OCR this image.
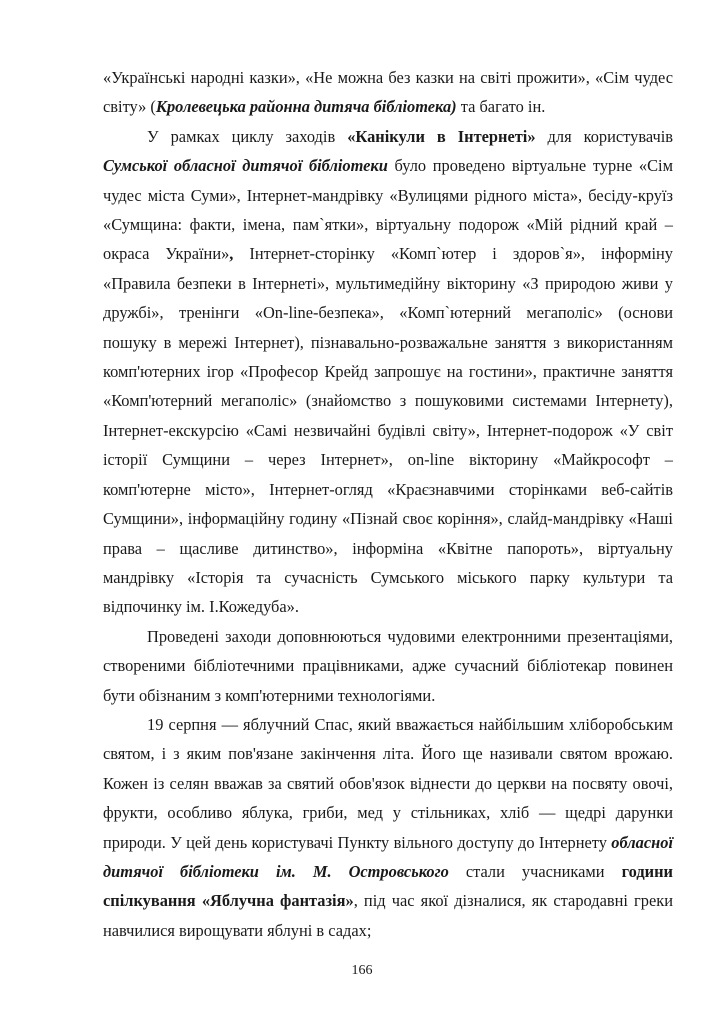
«Українські народні казки», «Не можна без казки на світі прожити», «Сім чудес світу» (Кролевецька районна дитяча бібліотека) та багато ін.

У рамках циклу заходів «Канікули в Інтернеті» для користувачів Сумської обласної дитячої бібліотеки було проведено віртуальне турне «Сім чудес міста Суми», Інтернет-мандрівку «Вулицями рідного міста», бесіду-круїз «Сумщина: факти, імена, пам`ятки», віртуальну подорож «Мій рідний край – окраса України», Інтернет-сторінку «Комп`ютер і здоров`я», інформіну «Правила безпеки в Інтернеті», мультимедійну вікторину «З природою живи у дружбі», тренінги «On-line-безпека», «Комп`ютерний мегаполіс» (основи пошуку в мережі Інтернет), пізнавально-розважальне заняття з використанням комп'ютерних ігор «Професор Крейд запрошує на гостини», практичне заняття «Комп'ютерний мегаполіс» (знайомство з пошуковими системами Інтернету), Інтернет-екскурсію «Самі незвичайні будівлі світу», Інтернет-подорож «У світ історії Сумщини – через Інтернет», on-line вікторину «Майкрософт – комп'ютерне місто», Інтернет-огляд «Краєзнавчими сторінками веб-сайтів Сумщини», інформаційну годину «Пізнай своє коріння», слайд-мандрівку «Наші права – щасливе дитинство», інформіна «Квітне папороть», віртуальну мандрівку «Історія та сучасність Сумського міського парку культури та відпочинку ім. І.Кожедуба».

Проведені заходи доповнюються чудовими електронними презентаціями, створеними бібліотечними працівниками, адже сучасний бібліотекар повинен бути обізнаним з комп'ютерними технологіями.

19 серпня — яблучний Спас, який вважається найбільшим хліборобським святом, і з яким пов'язане закінчення літа. Його ще називали святом врожаю. Кожен із селян вважав за святий обов'язок віднести до церкви на посвяту овочі, фрукти, особливо яблука, гриби, мед у стільниках, хліб — щедрі дарунки природи. У цей день користувачі Пункту вільного доступу до Інтернету обласної дитячої бібліотеки ім. М. Островського стали учасниками години спілкування «Яблучна фантазія», під час якої дізналися, як стародавні греки навчилися вирощувати яблуні в садах;

166
